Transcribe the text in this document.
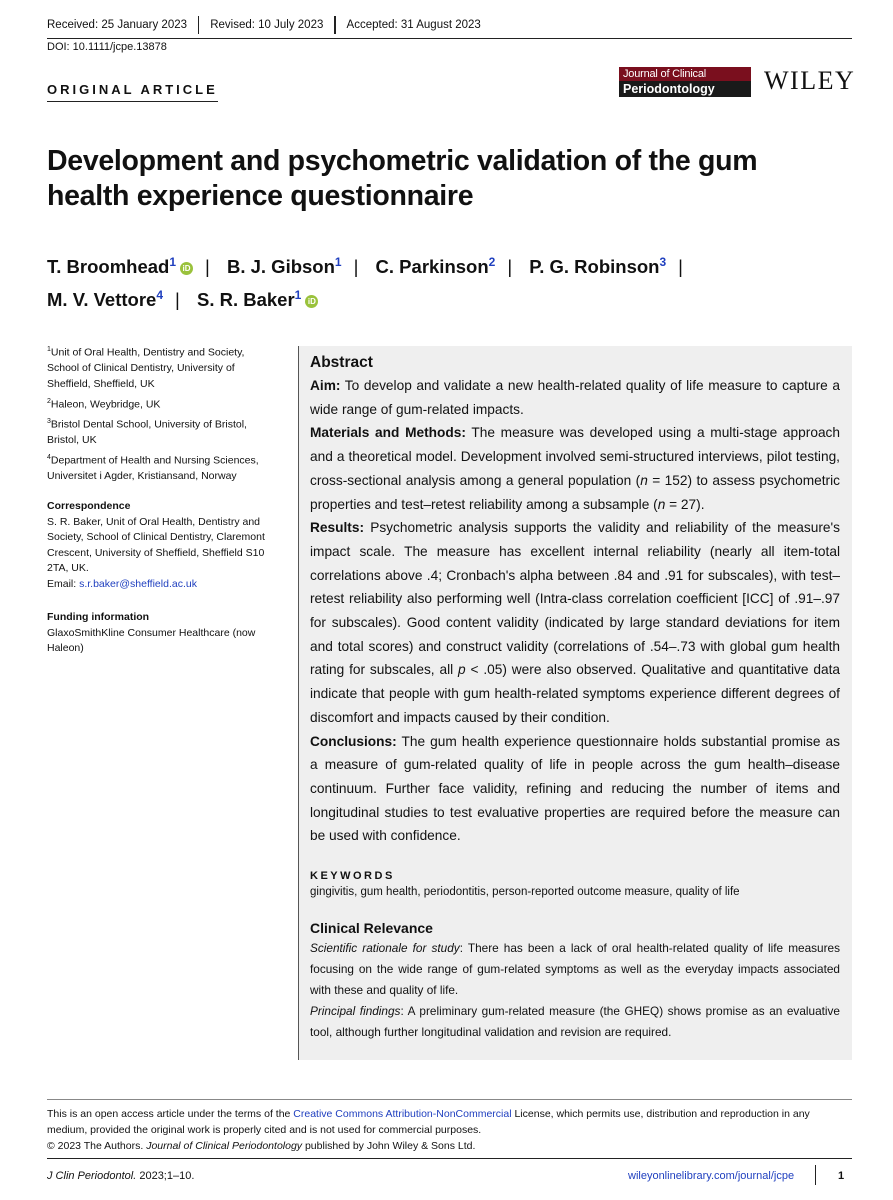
Received: 25 January 2023 Revised: 10 July 2023 Accepted: 31 August 2023
DOI: 10.1111/jcpe.13878
ORIGINAL ARTICLE
Journal of Clinical
Periodontology	WILEY
Development and psychometric validation of the gum health experience questionnaire
T. Broomhead$^1$ iD | B. J. Gibson$^1$ | C. Parkinson$^2$ | P. G. Robinson$^3$ |
M. V. Vettore$^4$ | S. R. Baker$^1$ iD
$^1$Unit of Oral Health, Dentistry and Society, School of Clinical Dentistry, University of Sheffield, Sheffield, UK
$^2$Haleon, Weybridge, UK
$^3$Bristol Dental School, University of Bristol, Bristol, UK
$^4$Department of Health and Nursing Sciences, Universitet i Agder, Kristiansand, Norway
Correspondence
S. R. Baker, Unit of Oral Health, Dentistry and Society, School of Clinical Dentistry, Claremont Crescent, University of Sheffield, Sheffield S10 2TA, UK.
Email: s.r.baker@sheffield.ac.uk
Funding information
GlaxoSmithKline Consumer Healthcare (now Haleon)
Abstract

Aim: To develop and validate a new health-related quality of life measure to capture a wide range of gum-related impacts.

Materials and Methods: The measure was developed using a multi-stage approach and a theoretical model. Development involved semi-structured interviews, pilot testing, cross-sectional analysis among a general population (n = 152) to assess psychometric properties and test–retest reliability among a subsample (n = 27).

Results: Psychometric analysis supports the validity and reliability of the measure's impact scale. The measure has excellent internal reliability (nearly all item-total correlations above .4; Cronbach's alpha between .84 and .91 for subscales), with test–retest reliability also performing well (Intra-class correlation coefficient [ICC] of .91–.97 for subscales). Good content validity (indicated by large standard deviations for item and total scores) and construct validity (correlations of .54–.73 with global gum health rating for subscales, all p < .05) were also observed. Qualitative and quantitative data indicate that people with gum health-related symptoms experience different degrees of discomfort and impacts caused by their condition.

Conclusions: The gum health experience questionnaire holds substantial promise as a measure of gum-related quality of life in people across the gum health–disease continuum. Further face validity, refining and reducing the number of items and longitudinal studies to test evaluative properties are required before the measure can be used with confidence.

KEYWORDS
gingivitis, gum health, periodontitis, person-reported outcome measure, quality of life
Clinical Relevance
Scientific rationale for study: There has been a lack of oral health-related quality of life measures focusing on the wide range of gum-related symptoms as well as the everyday impacts associated with these and quality of life.
Principal findings: A preliminary gum-related measure (the GHEQ) shows promise as an evaluative tool, although further longitudinal validation and revision are required.
This is an open access article under the terms of the Creative Commons Attribution-NonCommercial License, which permits use, distribution and reproduction in any medium, provided the original work is properly cited and is not used for commercial purposes.
© 2023 The Authors. Journal of Clinical Periodontology published by John Wiley & Sons Ltd.
J Clin Periodontol. 2023;1–10.	wileyonlinelibrary.com/journal/jcpe	1
